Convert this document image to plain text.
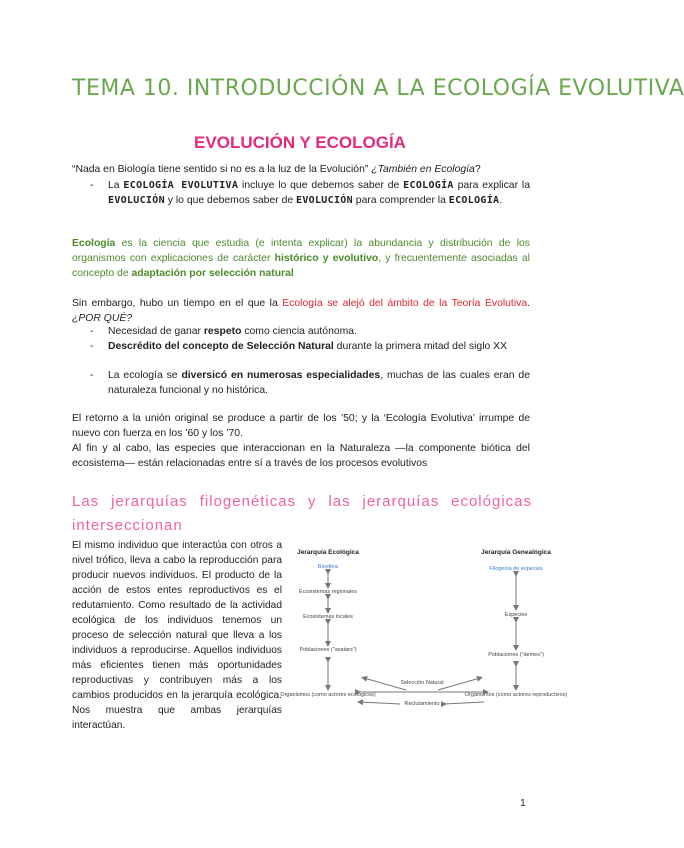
TEMA 10. INTRODUCCIÓN A LA ECOLOGÍA EVOLUTIVA
EVOLUCIÓN Y ECOLOGÍA
“Nada en Biología tiene sentido si no es a la luz de la Evolución” ¿También en Ecología?
- La ECOLOGÍA EVOLUTIVA incluye lo que debemos saber de ECOLOGÍA para explicar la EVOLUCIÓN y lo que debemos saber de EVOLUCIÓN para comprender la ECOLOGÍA.
Ecología es la ciencia que estudia (e intenta explicar) la abundancia y distribución de los organismos con explicaciones de carácter histórico y evolutivo, y frecuentemente asociadas al concepto de adaptación por selección natural
Sin embargo, hubo un tiempo en el que la Ecología se alejó del ámbito de la Teoría Evolutiva. ¿POR QUÉ?
- Necesidad de ganar respeto como ciencia autónoma.
- Descrédito del concepto de Selección Natural durante la primera mitad del siglo XX
- La ecología se diversicó en numerosas especialidades, muchas de las cuales eran de naturaleza funcional y no histórica.
El retorno a la unión original se produce a partir de los ’50; y la ‘Ecología Evolutiva’ irrumpe de nuevo con fuerza en los ’60 y los ’70.
Al fin y al cabo, las especies que interaccionan en la Naturaleza —la componente biótica del ecosistema— están relacionadas entre sí a través de los procesos evolutivos
Las jerarquías filogenéticas y las jerarquías ecológicas interseccionan
El mismo individuo que interactúa con otros a nivel trófico, lleva a cabo la reproducción para producir nuevos individuos. El producto de la acción de estos entes reproductivos es el redutamiento. Como resultado de la actividad ecológica de los individuos tenemos un proceso de selección natural que lleva a los individuos a reproducirse. Aquellos individuos más eficientes tienen más oportunidades reproductivas y contribuyen más a los cambios producidos en la jerarquía ecológica. Nos muestra que ambas jerarquías interactúan.
Jerarquía Ecológica	Jerarquía Genealógica
Biosfera
Ecosistemas regionales
Ecosistemas locales
Poblaciones ("avatars")
Organismos (como actores ecológicos)
Filogenia de especies
Especies
Poblaciones ("demes")
Organismos (como actores reproductivos)
Selección Natural
Reclutamiento
1
